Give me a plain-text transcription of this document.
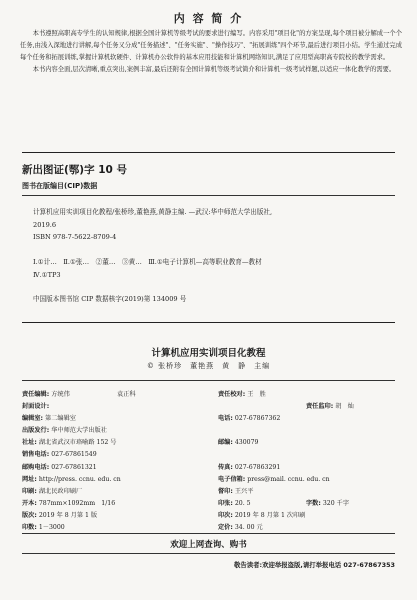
内 容 简 介

本书遵照高职高专学生的认知规律,根据全国计算机等级考试的要求进行编写。内容采用"项目化"的方案呈现,每个项目被分解成一个个任务,由浅入深地进行讲解,每个任务又分成"任务描述"、"任务实施"、"操作技巧"、"拓展训练"四个环节,最后进行项目小结。学生通过完成每个任务和拓展训练,掌握计算机软硬件、计算机办公软件的基本应用技能和计算机网络知识,满足了应用型高职高专院校的教学需求。

本书内容全面,层次清晰,重点突出,案例丰富,最后还附有全国计算机等级考试简介和计算机一级考试样题,以适应一体化教学的需要。

新出图证(鄂)字 10 号
图书在版编目(CIP)数据
计算机应用实训项目化教程/张桥珍,董艳燕,黄静主编. —武汉:华中师范大学出版社,
2019.6
ISBN 978-7-5622-8709-4
Ⅰ.①计…　Ⅱ.①张…　②董…　③黄…　Ⅲ.①电子计算机—高等职业教育—教材
Ⅳ.①TP3
中国版本图书馆 CIP 数据核字(2019)第 134009 号
计算机应用实训项目化教程
© 张桥珍　董艳燕　黄　静　主编
责任编辑: 方统伟	袁正科
封面设计:
编辑室: 第二编辑室
出版发行: 华中师范大学出版社
社址: 湖北省武汉市珞喻路 152 号
销售电话: 027-67861549
邮购电话: 027-67861321
网址: http://press. ccnu. edu. cn
印刷: 湖北民政印刷厂
开本: 787mm×1092mm　1/16
版次: 2019 年 8 月第 1 版
印数: 1－3000
责任校对: 王　胜
责任监印: 胡　灿
电话: 027-67867362
邮编: 430079
传真: 027-67863291
电子信箱: press@mail. ccnu. edu. cn
督印: 王兴平
印张: 20. 5	字数: 320 千字
印次: 2019 年 8 月第 1 次印刷
定价: 34. 00 元
欢迎上网查询、购书
敬告读者:欢迎举报盗版,请打举报电话 027-67867353
